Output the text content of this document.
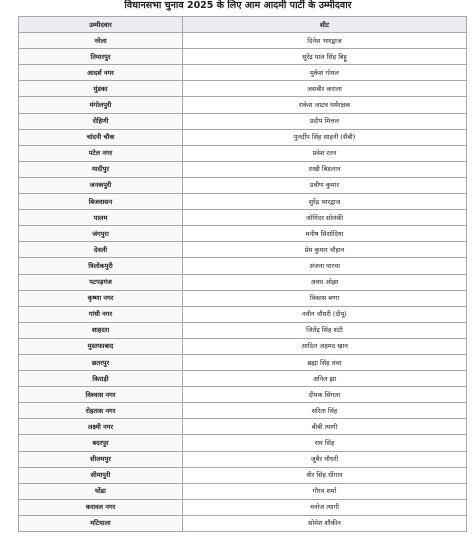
विधानसभा चुनाव 2025 के लिए आम आदमी पार्टी के उम्मीदवार
उम्मीदवार	सीट
नरेला	दिनेश भारद्वाज
तिमारपुर	सुरेंद्र पाल सिंह बिट्टू
आदर्श नगर	मुकेश गोयल
मुंडका	जसबीर कराला
मंगोलपुरी	राकेश जाटव धर्मरक्षक
रोहिणी	प्रदीप मित्तल
चांदनी चौक	पुनर्दीप सिंह साहनी (सैबी)
पटेल नगर	प्रवेश रतन
मादीपुर	राखी बिडलान
जनकपुरी	प्रवीण कुमार
बिजवासन	सुरेंद्र भारद्वाज
पालम	जोगिंदर सोलंकी
जंगपुरा	मनीष सिसोदिया
देवली	प्रेम कुमार चौहान
त्रिलोकपुरी	अंजना पारचा
पटपड़गंज	अवध ओझा
कृष्णा नगर	विकास बग्गा
गांधी नगर	नवीन चौधरी (दीपू)
शाहदरा	जितेंद्र सिंह शंटी
मुस्तफाबाद	आदिल अहमद खान
छतरपुर	ब्रह्मा सिंह तंवर
किराड़ी	अनिल झा
विश्वास नगर	दीपक सिंगला
रोहतास नगर	सरिता सिंह
लक्ष्मी नगर	बीबी त्यागी
बदरपुर	राम सिंह
सीलमपुर	जुबैर चौधरी
सीमापुरी	वीर सिंह धींगान
घोंडा	गौरव शर्मा
करावल नगर	मनोज त्यागी
मटियाला	सोमेश शौकीन
